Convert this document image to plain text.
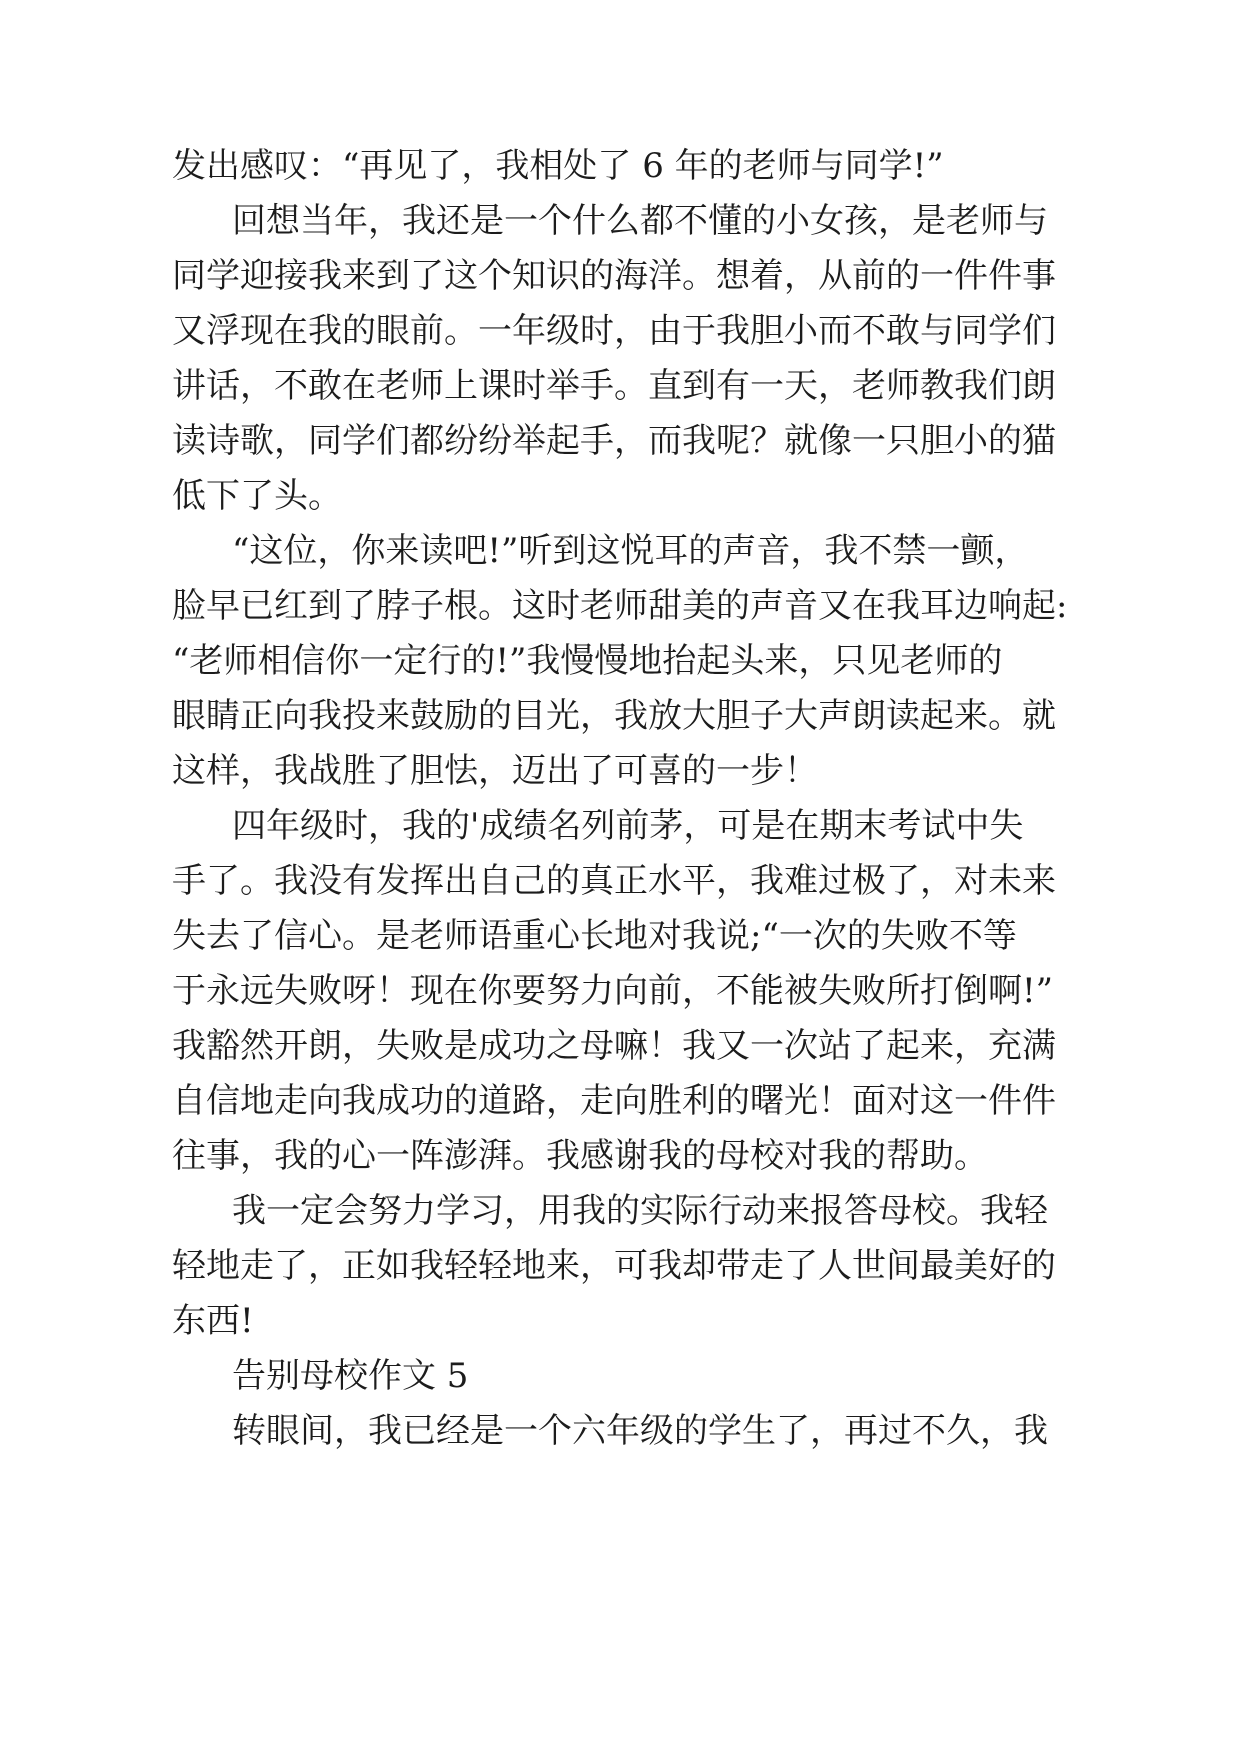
发出感叹：“再见了，我相处了 6 年的老师与同学!”

回想当年，我还是一个什么都不懂的小女孩，是老师与

同学迎接我来到了这个知识的海洋。想着，从前的一件件事

又浮现在我的眼前。一年级时，由于我胆小而不敢与同学们

讲话，不敢在老师上课时举手。直到有一天，老师教我们朗

读诗歌，同学们都纷纷举起手，而我呢？就像一只胆小的猫

低下了头。

“这位，你来读吧!”听到这悦耳的声音，我不禁一颤，

脸早已红到了脖子根。这时老师甜美的声音又在我耳边响起:

“老师相信你一定行的!”我慢慢地抬起头来，只见老师的

眼睛正向我投来鼓励的目光，我放大胆子大声朗读起来。就

这样，我战胜了胆怯，迈出了可喜的一步！

四年级时，我的'成绩名列前茅，可是在期末考试中失

手了。我没有发挥出自己的真正水平，我难过极了，对未来

失去了信心。是老师语重心长地对我说;“一次的失败不等

于永远失败呀！现在你要努力向前，不能被失败所打倒啊!”

我豁然开朗，失败是成功之母嘛！我又一次站了起来，充满

自信地走向我成功的道路，走向胜利的曙光！面对这一件件

往事，我的心一阵澎湃。我感谢我的母校对我的帮助。

我一定会努力学习，用我的实际行动来报答母校。我轻

轻地走了，正如我轻轻地来，可我却带走了人世间最美好的

东西!

告别母校作文 5

转眼间，我已经是一个六年级的学生了，再过不久，我
